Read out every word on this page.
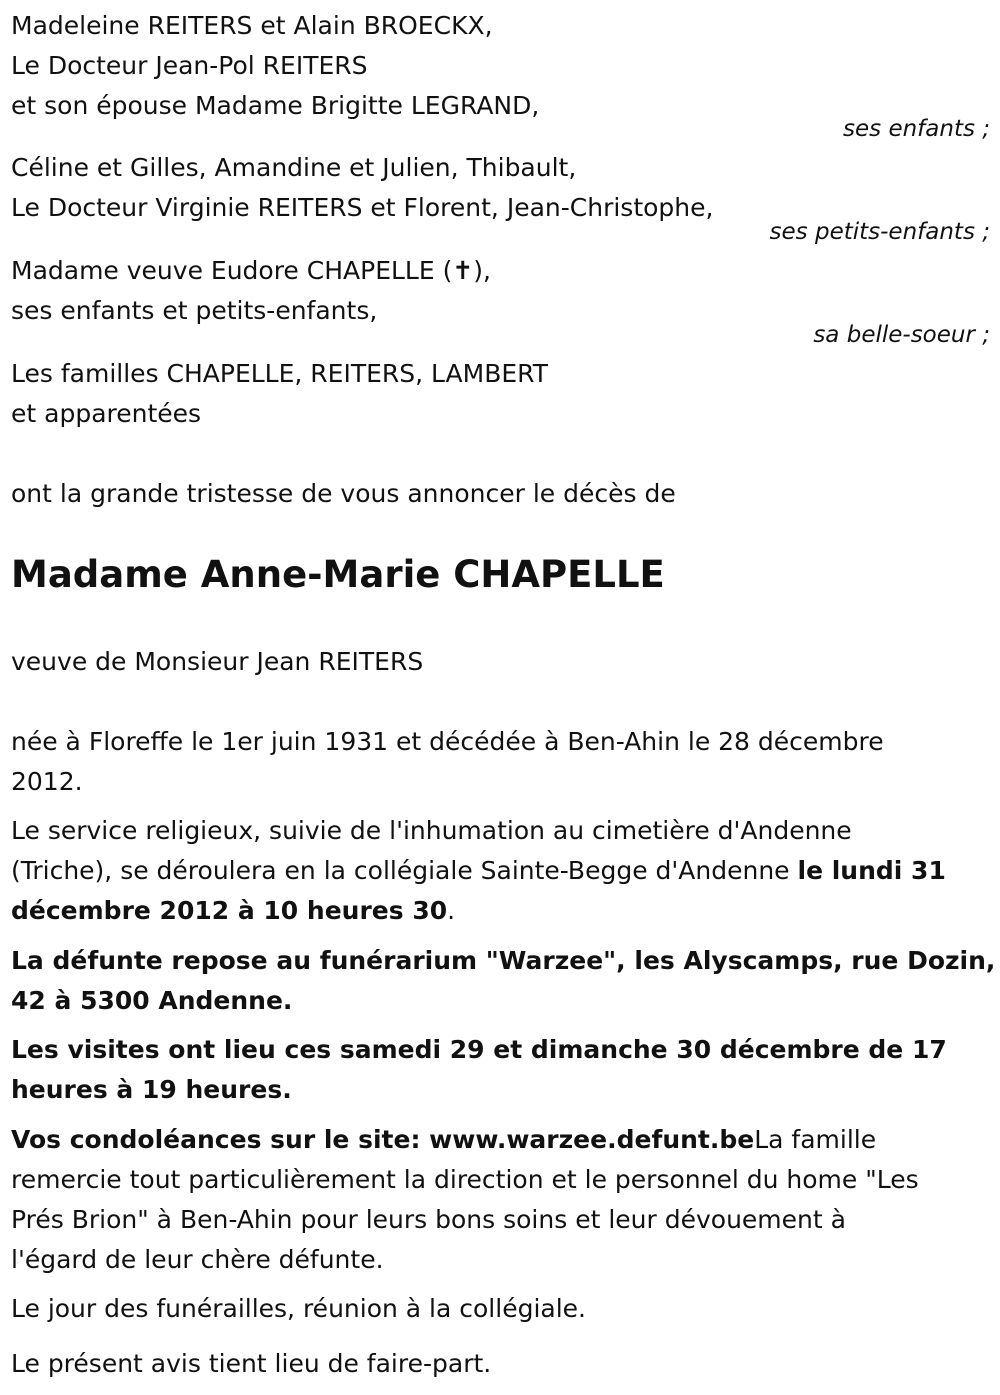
Madeleine REITERS et Alain BROECKX,
Le Docteur Jean-Pol REITERS
et son épouse Madame Brigitte LEGRAND,
ses enfants ;
Céline et Gilles, Amandine et Julien, Thibault,
Le Docteur Virginie REITERS et Florent, Jean-Christophe,
ses petits-enfants ;
Madame veuve Eudore CHAPELLE (✝),
ses enfants et petits-enfants,
sa belle-soeur ;
Les familles CHAPELLE, REITERS, LAMBERT
et apparentées
ont la grande tristesse de vous annoncer le décès de
Madame Anne-Marie CHAPELLE
veuve de Monsieur Jean REITERS
née à Floreffe le 1er juin 1931 et décédée à Ben-Ahin le 28 décembre
2012.
Le service religieux, suivie de l'inhumation au cimetière d'Andenne
(Triche), se déroulera en la collégiale Sainte-Begge d'Andenne le lundi 31
décembre 2012 à 10 heures 30.
La défunte repose au funérarium "Warzee", les Alyscamps, rue Dozin,
42 à 5300 Andenne.
Les visites ont lieu ces samedi 29 et dimanche 30 décembre de 17
heures à 19 heures.
Vos condoléances sur le site: www.warzee.defunt.beLa famille
remercie tout particulièrement la direction et le personnel du home "Les
Prés Brion" à Ben-Ahin pour leurs bons soins et leur dévouement à
l'égard de leur chère défunte.
Le jour des funérailles, réunion à la collégiale.
Le présent avis tient lieu de faire-part.
